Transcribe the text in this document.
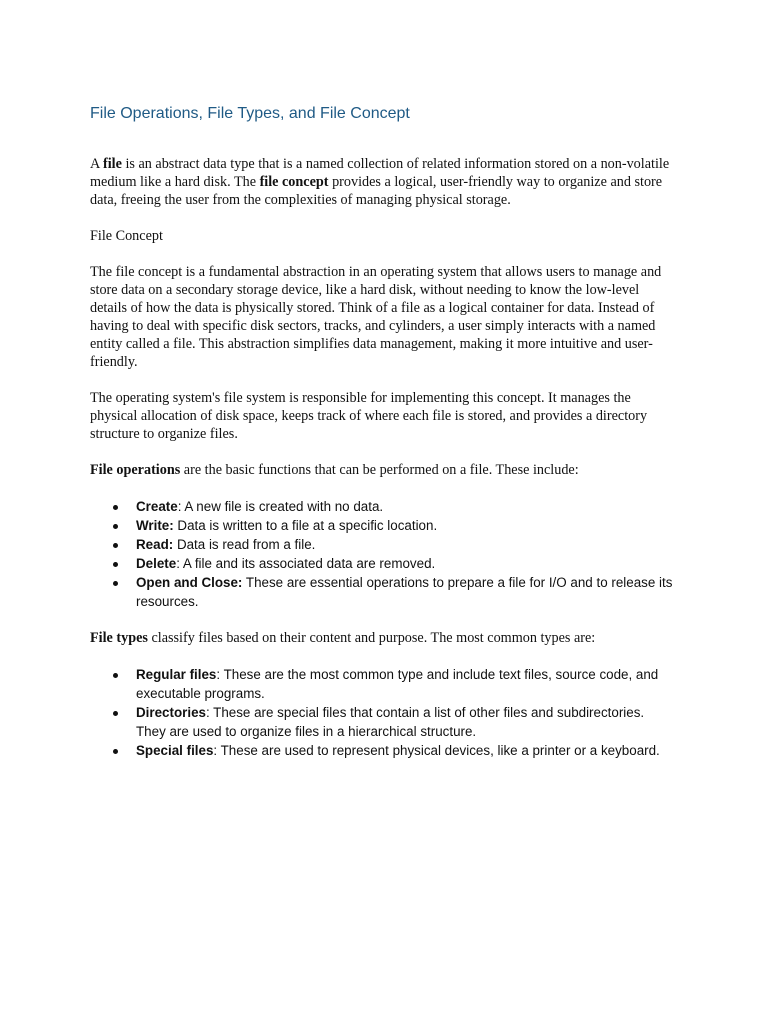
File Operations, File Types, and File Concept

A file is an abstract data type that is a named collection of related information stored on a non-volatile medium like a hard disk. The file concept provides a logical, user-friendly way to organize and store data, freeing the user from the complexities of managing physical storage.

File Concept

The file concept is a fundamental abstraction in an operating system that allows users to manage and store data on a secondary storage device, like a hard disk, without needing to know the low-level details of how the data is physically stored. Think of a file as a logical container for data. Instead of having to deal with specific disk sectors, tracks, and cylinders, a user simply interacts with a named entity called a file. This abstraction simplifies data management, making it more intuitive and user-friendly.

The operating system's file system is responsible for implementing this concept. It manages the physical allocation of disk space, keeps track of where each file is stored, and provides a directory structure to organize files.

File operations are the basic functions that can be performed on a file. These include:

Create: A new file is created with no data.
Write: Data is written to a file at a specific location.
Read: Data is read from a file.
Delete: A file and its associated data are removed.
Open and Close: These are essential operations to prepare a file for I/O and to release its resources.

File types classify files based on their content and purpose. The most common types are:

Regular files: These are the most common type and include text files, source code, and executable programs.
Directories: These are special files that contain a list of other files and subdirectories. They are used to organize files in a hierarchical structure.
Special files: These are used to represent physical devices, like a printer or a keyboard.
